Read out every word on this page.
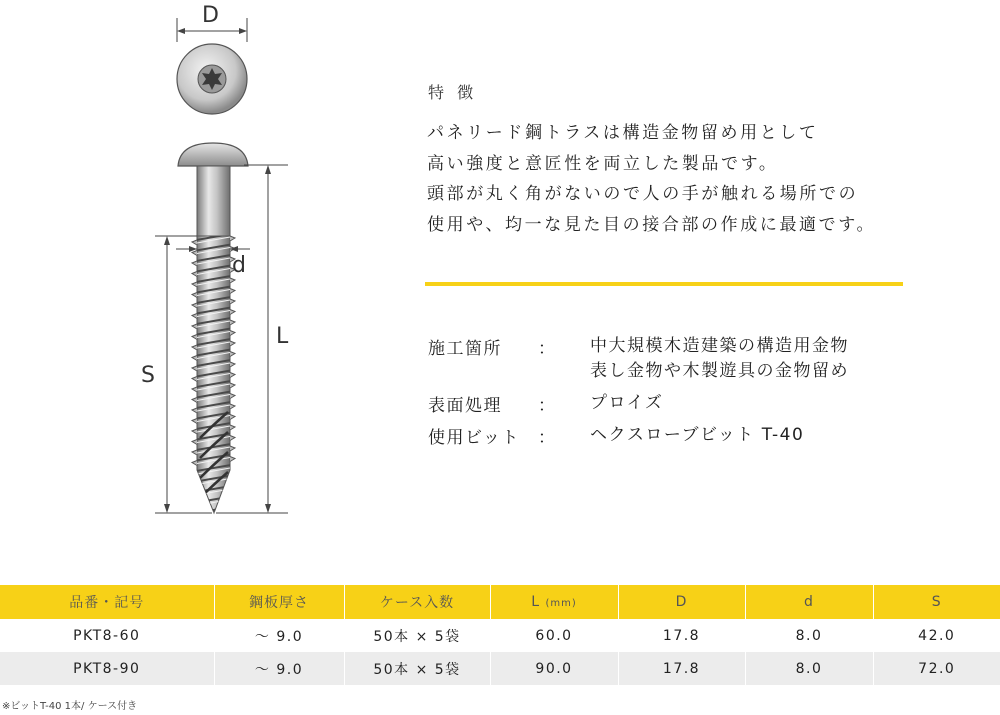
D
d
L
S
特 徴
パネリード鋼トラスは構造金物留め用として
高い強度と意匠性を両立した製品です。
頭部が丸く角がないので人の手が触れる場所での
使用や、均一な見た目の接合部の作成に最適です。
施工箇所 ： 中大規模木造建築の構造用金物
表し金物や木製遊具の金物留め
表面処理 ： プロイズ
使用ビット ： ヘクスローブビット T-40
品番・記号	鋼板厚さ	ケース入数	L (mm)	D	d	S
PKT8-60	～ 9.0	50本 × 5袋	60.0	17.8	8.0	42.0
PKT8-90	～ 9.0	50本 × 5袋	90.0	17.8	8.0	72.0
※ビットT-40 1本/ ケース付き
